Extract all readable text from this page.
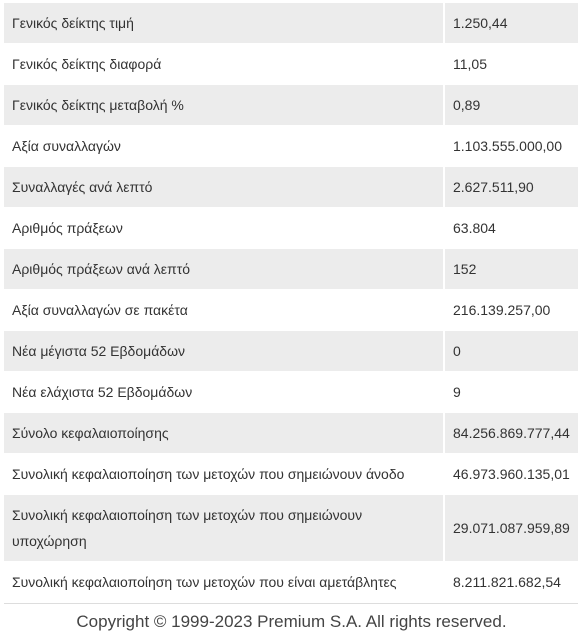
Γενικός δείκτης τιμή	1.250,44
Γενικός δείκτης διαφορά	11,05
Γενικός δείκτης μεταβολή %	0,89
Αξία συναλλαγών	1.103.555.000,00
Συναλλαγές ανά λεπτό	2.627.511,90
Αριθμός πράξεων	63.804
Αριθμός πράξεων ανά λεπτό	152
Αξία συναλλαγών σε πακέτα	216.139.257,00
Νέα μέγιστα 52 Εβδομάδων	0
Νέα ελάχιστα 52 Εβδομάδων	9
Σύνολο κεφαλαιοποίησης	84.256.869.777,44
Συνολική κεφαλαιοποίηση των μετοχών που σημειώνουν άνοδο	46.973.960.135,01
Συνολική κεφαλαιοποίηση των μετοχών που σημειώνουν υποχώρηση	29.071.087.959,89
Συνολική κεφαλαιοποίηση των μετοχών που είναι αμετάβλητες	8.211.821.682,54
Copyright © 1999-2023 Premium S.A. All rights reserved.
